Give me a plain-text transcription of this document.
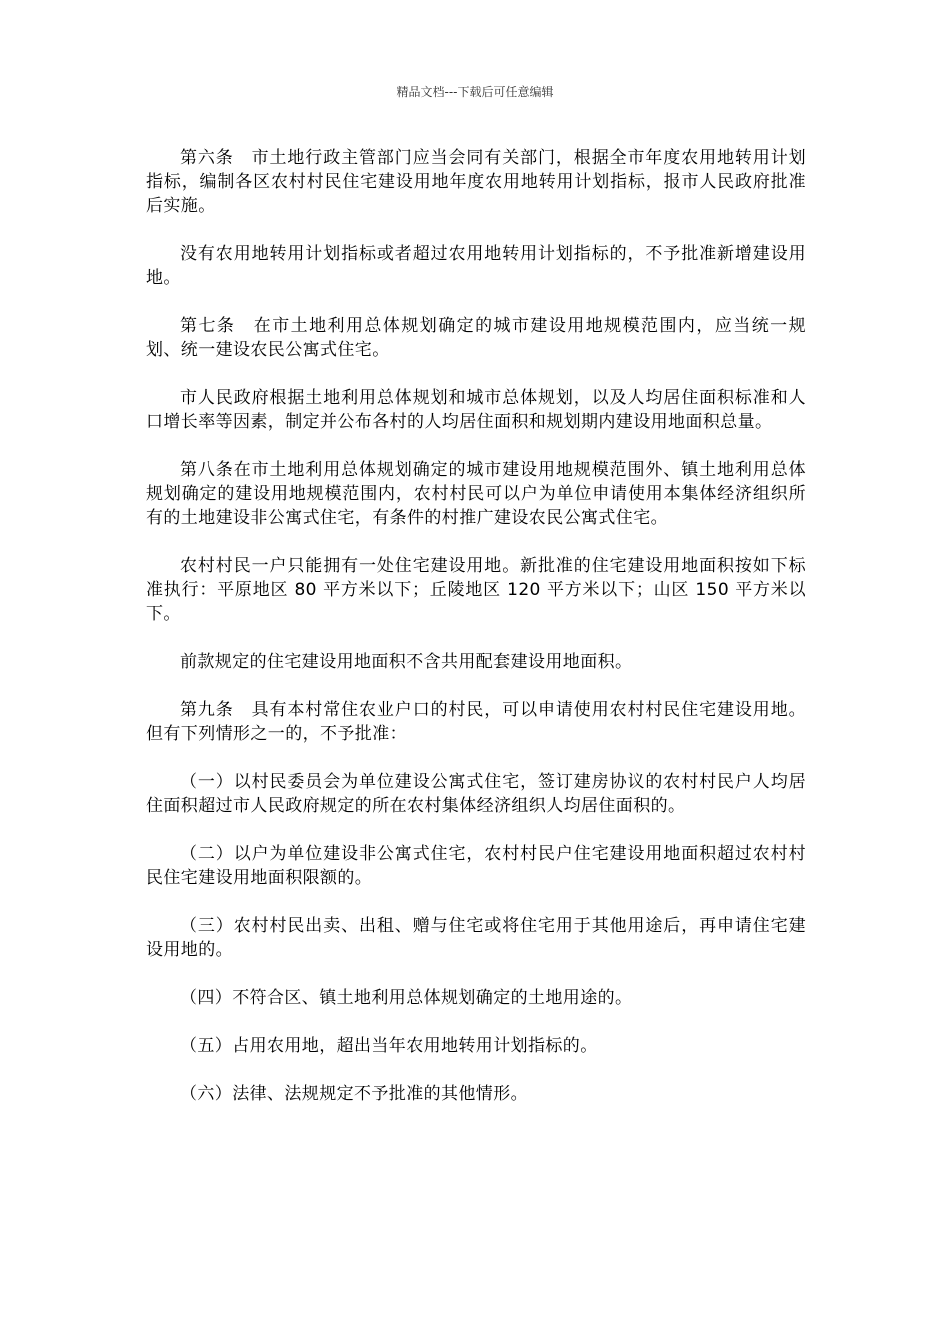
精品文档---下载后可任意编辑

第六条　市土地行政主管部门应当会同有关部门，根据全市年度农用地转用计划指标，编制各区农村村民住宅建设用地年度农用地转用计划指标，报市人民政府批准后实施。

没有农用地转用计划指标或者超过农用地转用计划指标的，不予批准新增建设用地。

第七条　在市土地利用总体规划确定的城市建设用地规模范围内，应当统一规划、统一建设农民公寓式住宅。

市人民政府根据土地利用总体规划和城市总体规划，以及人均居住面积标准和人口增长率等因素，制定并公布各村的人均居住面积和规划期内建设用地面积总量。

第八条在市土地利用总体规划确定的城市建设用地规模范围外、镇土地利用总体规划确定的建设用地规模范围内，农村村民可以户为单位申请使用本集体经济组织所有的土地建设非公寓式住宅，有条件的村推广建设农民公寓式住宅。

农村村民一户只能拥有一处住宅建设用地。新批准的住宅建设用地面积按如下标准执行：平原地区 80 平方米以下；丘陵地区 120 平方米以下；山区 150 平方米以下。

前款规定的住宅建设用地面积不含共用配套建设用地面积。

第九条　具有本村常住农业户口的村民，可以申请使用农村村民住宅建设用地。但有下列情形之一的，不予批准：

（一）以村民委员会为单位建设公寓式住宅，签订建房协议的农村村民户人均居住面积超过市人民政府规定的所在农村集体经济组织人均居住面积的。

（二）以户为单位建设非公寓式住宅，农村村民户住宅建设用地面积超过农村村民住宅建设用地面积限额的。

（三）农村村民出卖、出租、赠与住宅或将住宅用于其他用途后，再申请住宅建设用地的。

（四）不符合区、镇土地利用总体规划确定的土地用途的。

（五）占用农用地，超出当年农用地转用计划指标的。

（六）法律、法规规定不予批准的其他情形。
